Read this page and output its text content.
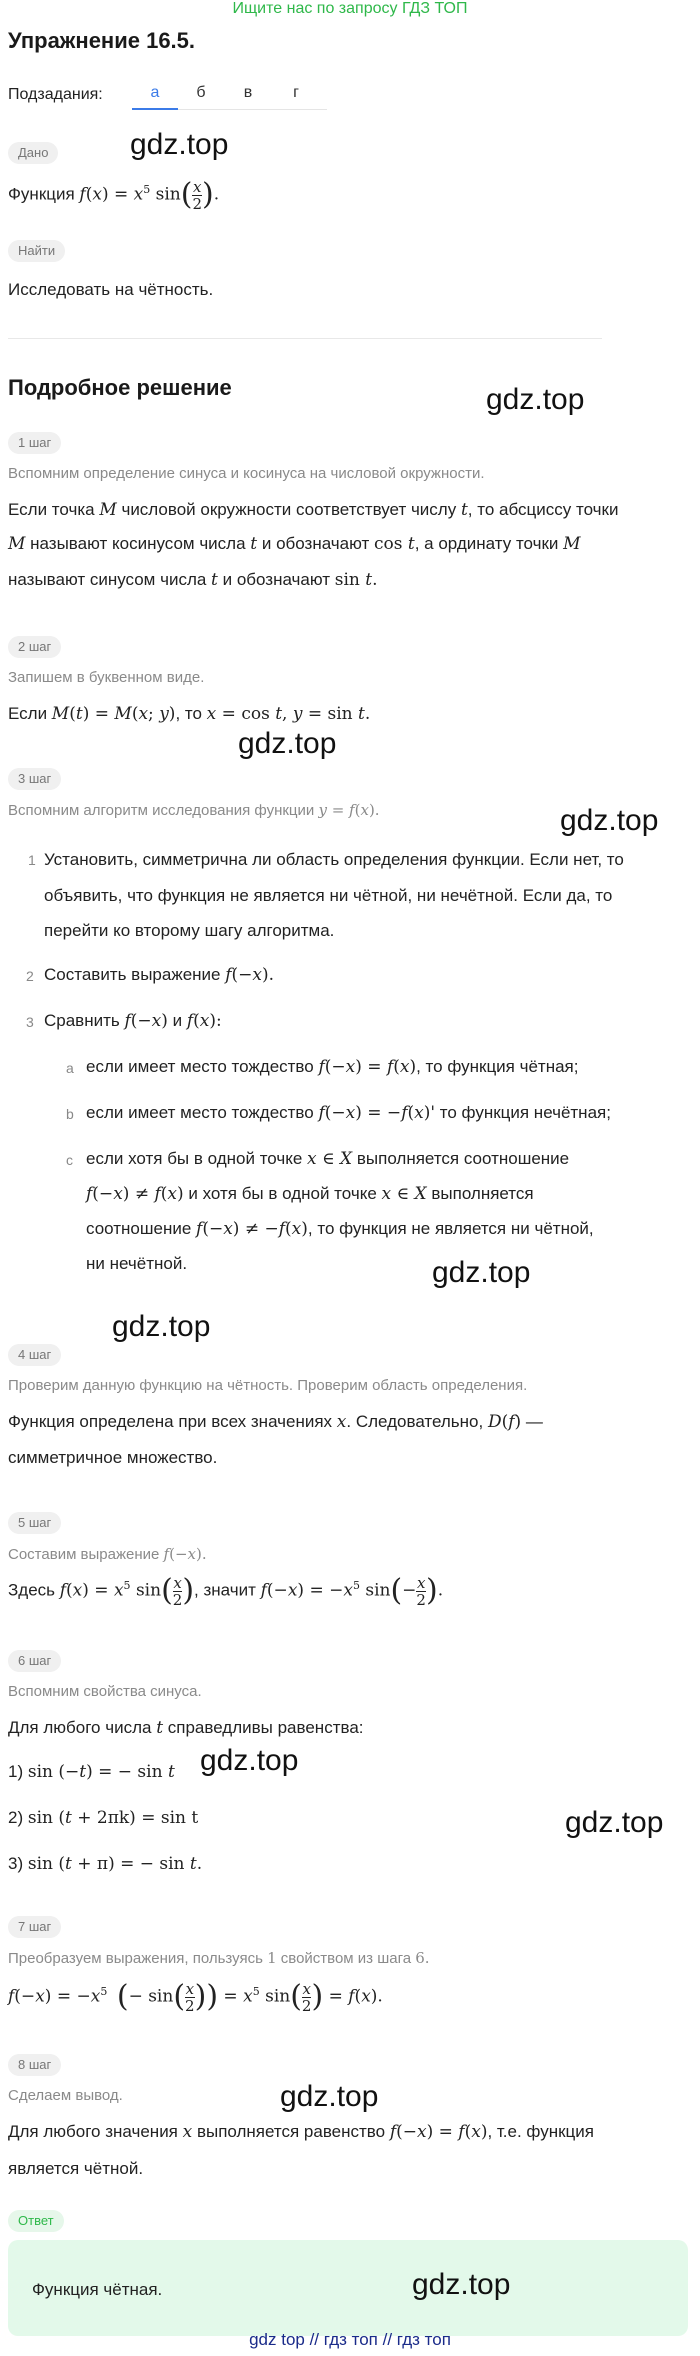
Ищите нас по запросу ГДЗ ТОП
Упражнение 16.5.
Подзадания:	а	б	в	г
Дано	gdz.top
Функция $f(x) = x^5$ $\sin( \frac{x}{2}$ ).
Найти
Исследовать на чётность.
Подробное решение	gdz.top
1 шаг
Вспомним определение синуса и косинуса на числовой окружности.
Если точка M числовой окружности соответствует числу t, то абсциссу точки
M называют косинусом числа t и обозначают cos t, а ординату точки M
называют синусом числа t и обозначают sin t.
2 шаг
Запишем в буквенном виде.
Если M(t) = M(x; y), то x = cos t, y = sin t.
gdz.top
3 шаг
Вспомним алгоритм исследования функции y = f(x).	gdz.top
1 Установить, симметрична ли область определения функции. Если нет, то
объявить, что функция не является ни чётной, ни нечётной. Если да, то
перейти ко второму шагу алгоритма.
2 Составить выражение f(−x).
3 Сравнить f(−x) и f(x):
a если имеет место тождество f(−x) = f(x), то функция чётная;
b если имеет место тождество f(−x) = −f(x)' то функция нечётная;
c если хотя бы в одной точке x ∈ X выполняется соотношение
f(−x) ≠ f(x) и хотя бы в одной точке x ∈ X выполняется
соотношение f(−x) ≠ −f(x), то функция не является ни чётной,
ни нечётной.	gdz.top
gdz.top
4 шаг
Проверим данную функцию на чётность. Проверим область определения.
Функция определена при всех значениях x. Следовательно, D(f) —
симметричное множество.
5 шаг
Составим выражение f(−x).
Здесь $f(x) = x^5$ $\sin( \frac{x}{2}$ ), значит $f(-x) = -x^5$ $\sin(- \frac{x}{2}$ ).
6 шаг
Вспомним свойства синуса.
Для любого числа t справедливы равенства:
1) sin (−t) = − sin t gdz.top
2) sin (t + 2πk) = sin t	gdz.top
3) sin (t + π) = − sin t.
7 шаг
Преобразуем выражения, пользуясь 1 свойством из шага 6.
$f(-x) = -x^5$ (− $\sin( \frac{x}{2}$ )) = $x^5$ $\sin( \frac{x}{2}$ ) = f(x).
8 шаг
Сделаем вывод.	gdz.top
Для любого значения x выполняется равенство f(−x) = f(x), т.е. функция
является чётной.
Ответ
Функция чётная.	gdz.top
gdz top // гдз топ // гдз топ
